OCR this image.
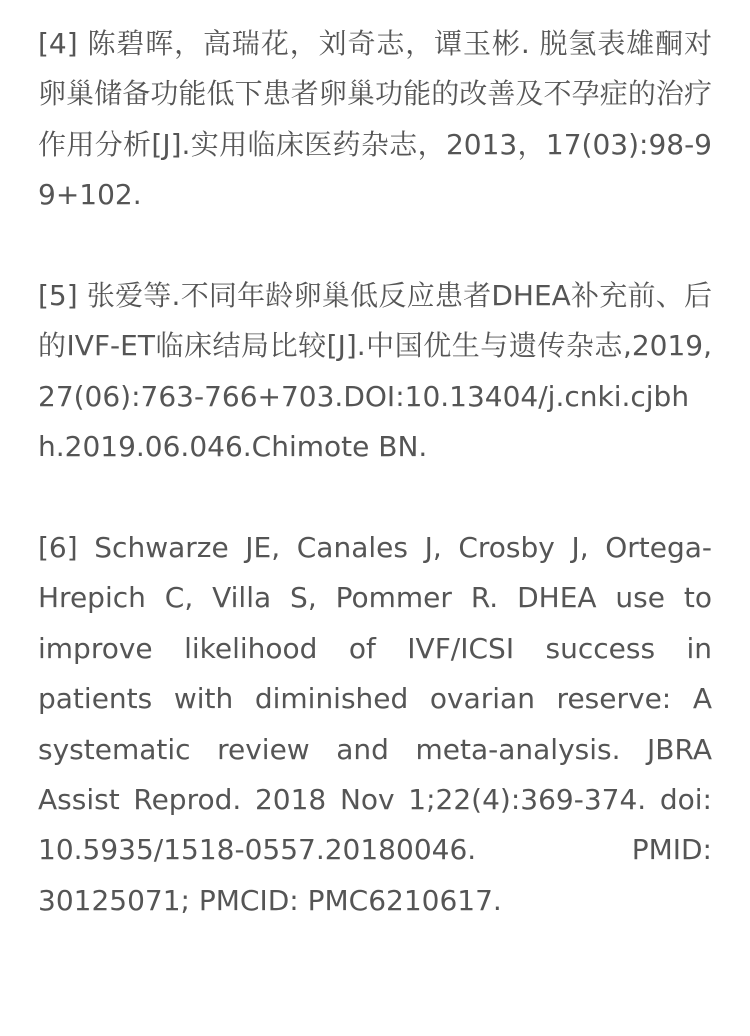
[4] 陈碧晖，高瑞花，刘奇志，谭玉彬. 脱氢表雄酮对卵巢储备功能低下患者卵巢功能的改善及不孕症的治疗作用分析[J].实用临床医药杂志，2013，17(03):98-99+102.

[5] 张爱等.不同年龄卵巢低反应患者DHEA补充前、后的IVF-ET临床结局比较[J].中国优生与遗传杂志,2019,27(06):763-766+703.DOI:10.13404/j.cnki.cjbhh.2019.06.046.Chimote BN.

[6] Schwarze JE, Canales J, Crosby J, Ortega-Hrepich C, Villa S, Pommer R. DHEA use to improve likelihood of IVF/ICSI success in patients with diminished ovarian reserve: A systematic review and meta-analysis. JBRA Assist Reprod. 2018 Nov 1;22(4):369-374. doi: 10.5935/1518-0557.20180046. PMID: 30125071; PMCID: PMC6210617.
